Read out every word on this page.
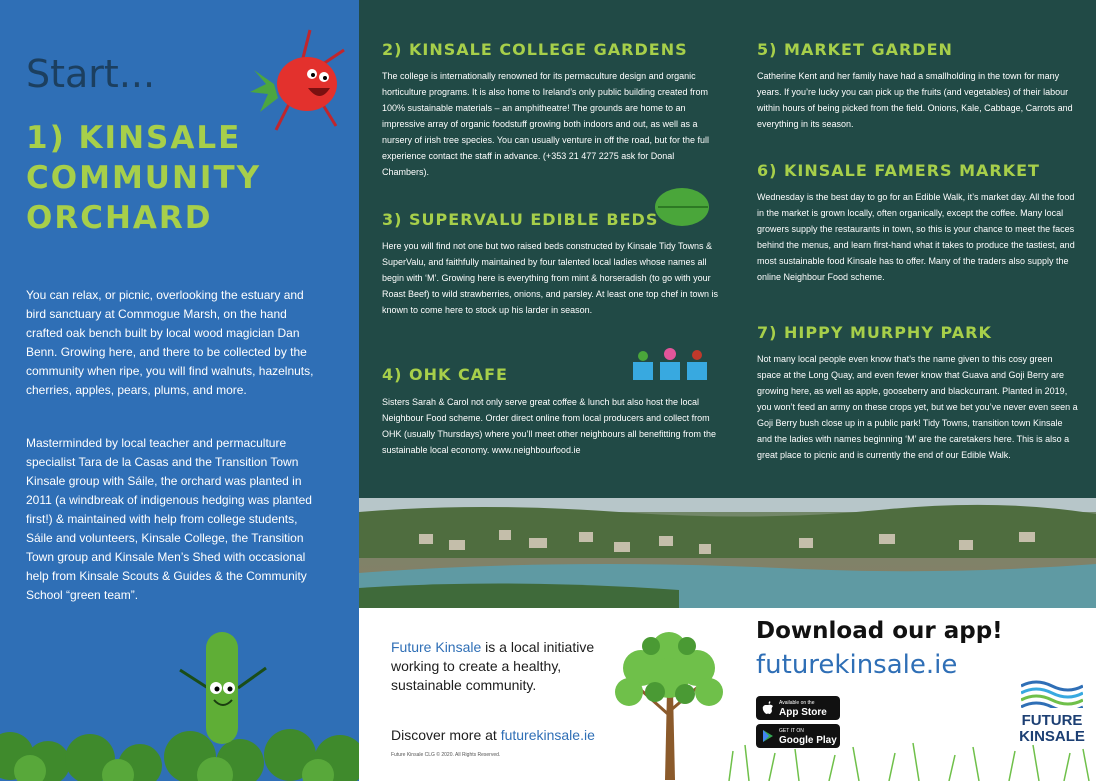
Start...
1) KINSALE
COMMUNITY
ORCHARD
You can relax, or picnic, overlooking the estuary and bird sanctuary at Commogue Marsh, on the hand crafted oak bench built by local wood magician Dan Benn. Growing here, and there to be collected by the community when ripe, you will find walnuts, hazelnuts, cherries, apples, pears, plums, and more.
Masterminded by local teacher and permaculture specialist Tara de la Casas and the Transition Town Kinsale group with Sáile, the orchard was planted in 2011 (a windbreak of indigenous hedging was planted first!) & maintained with help from college students, Sáile and volunteers, Kinsale College, the Transition Town group and Kinsale Men’s Shed with occasional help from Kinsale Scouts & Guides & the Community School “green team”.
2) KINSALE COLLEGE GARDENS
The college is internationally renowned for its permaculture design and organic horticulture programs. It is also home to Ireland’s only public building created from 100% sustainable materials – an amphitheatre! The grounds are home to an impressive array of organic foodstuff growing both indoors and out, as well as a nursery of irish tree species. You can usually venture in off the road, but for the full experience contact the staff in advance. (+353 21 477 2275 ask for Donal Chambers).
3) SUPERVALU EDIBLE BEDS
Here you will find not one but two raised beds constructed by Kinsale Tidy Towns & SuperValu, and faithfully maintained by four talented local ladies whose names all begin with ‘M’. Growing here is everything from mint & horseradish (to go with your Roast Beef) to wild strawberries, onions, and parsley. At least one top chef in town is known to come here to stock up his larder in season.
4) OHK CAFE
Sisters Sarah & Carol not only serve great coffee & lunch but also host the local Neighbour Food scheme. Order direct online from local producers and collect from OHK (usually Thursdays) where you’ll meet other neighbours all benefitting from the sustainable local economy. www.neighbourfood.ie
5) MARKET GARDEN
Catherine Kent and her family have had a smallholding in the town for many years. If you’re lucky you can pick up the fruits (and vegetables) of their labour within hours of being picked from the field. Onions, Kale, Cabbage, Carrots and everything in its season.
6) KINSALE FAMERS MARKET
Wednesday is the best day to go for an Edible Walk, it’s market day. All the food in the market is grown locally, often organically, except the coffee. Many local growers supply the restaurants in town, so this is your chance to meet the faces behind the menus, and learn first-hand what it takes to produce the tastiest, and most sustainable food Kinsale has to offer. Many of the traders also supply the online Neighbour Food scheme.
7) HIPPY MURPHY PARK
Not many local people even know that’s the name given to this cosy green space at the Long Quay, and even fewer know that Guava and Goji Berry are growing here, as well as apple, gooseberry and blackcurrant. Planted in 2019, you won’t feed an army on these crops yet, but we bet you’ve never even seen a Goji Berry bush close up in a public park! Tidy Towns, transition town Kinsale and the ladies with names beginning ‘M’ are the caretakers here. This is also a great place to picnic and is currently the end of our Edible Walk.
Future Kinsale is a local initiative working to create a healthy, sustainable community.
Discover more at futurekinsale.ie
Future Kinsale CLG © 2020. All Rights Reserved.
Download our app!
futurekinsale.ie
Available on the
App Store
GET IT ON
Google Play
FUTURE
KINSALE
